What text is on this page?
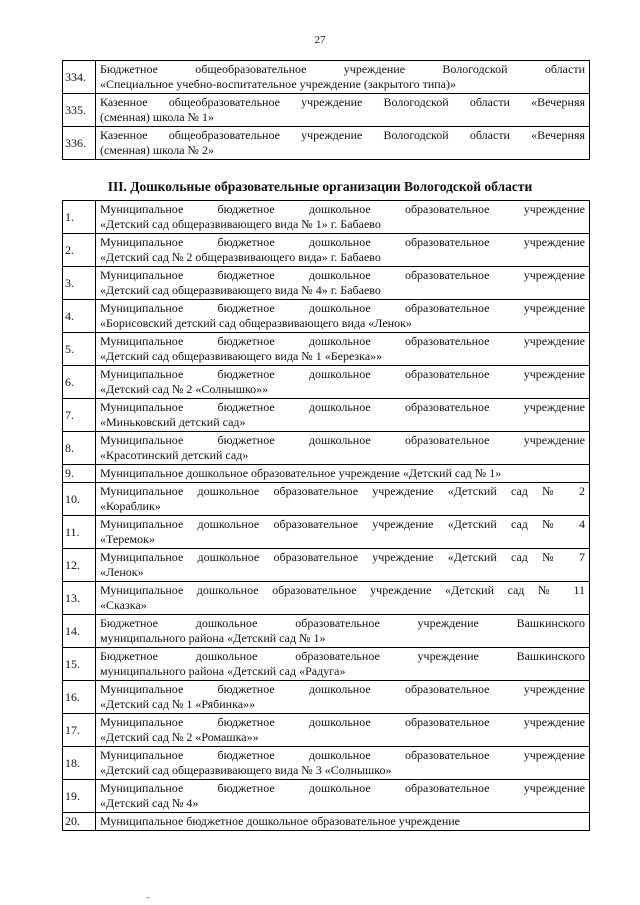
27
334.	Бюджетное общеобразовательное учреждение Вологодской области
«Специальное учебно-воспитательное учреждение (закрытого типа)»

335.	Казенное общеобразовательное учреждение Вологодской области «Вечерняя
(сменная) школа № 1»

336.	Казенное общеобразовательное учреждение Вологодской области «Вечерняя
(сменная) школа № 2»
III. Дошкольные образовательные организации Вологодской области
1.	Муниципальное бюджетное дошкольное образовательное учреждение
«Детский сад общеразвивающего вида № 1» г. Бабаево

2.	Муниципальное бюджетное дошкольное образовательное учреждение
«Детский сад № 2 общеразвивающего вида» г. Бабаево

3.	Муниципальное бюджетное дошкольное образовательное учреждение
«Детский сад общеразвивающего вида № 4» г. Бабаево

4.	Муниципальное бюджетное дошкольное образовательное учреждение
«Борисовский детский сад общеразвивающего вида «Ленок»

5.	Муниципальное бюджетное дошкольное образовательное учреждение
«Детский сад общеразвивающего вида № 1 «Березка»»

6.	Муниципальное бюджетное дошкольное образовательное учреждение
«Детский сад № 2 «Солнышко»»

7.	Муниципальное бюджетное дошкольное образовательное учреждение
«Миньковский детский сад»

8.	Муниципальное бюджетное дошкольное образовательное учреждение
«Красотинский детский сад»

9.	Муниципальное дошкольное образовательное учреждение «Детский сад № 1»

10.	Муниципальное дошкольное образовательное учреждение «Детский сад № 2
«Кораблик»

11.	Муниципальное дошкольное образовательное учреждение «Детский сад № 4
«Теремок»

12.	Муниципальное дошкольное образовательное учреждение «Детский сад № 7
«Ленок»

13.	Муниципальное дошкольное образовательное учреждение «Детский сад № 11
«Сказка»

14.	Бюджетное дошкольное образовательное учреждение Вашкинского
муниципального района «Детский сад № 1»

15.	Бюджетное дошкольное образовательное учреждение Вашкинского
муниципального района «Детский сад «Радуга»

16.	Муниципальное бюджетное дошкольное образовательное учреждение
«Детский сад № 1 «Рябинка»»

17.	Муниципальное бюджетное дошкольное образовательное учреждение
«Детский сад № 2 «Ромашка»»

18.	Муниципальное бюджетное дошкольное образовательное учреждение
«Детский сад общеразвивающего вида № 3 «Солнышко»

19.	Муниципальное бюджетное дошкольное образовательное учреждение
«Детский сад № 4»

20.	Муниципальное бюджетное дошкольное образовательное учреждение
–
